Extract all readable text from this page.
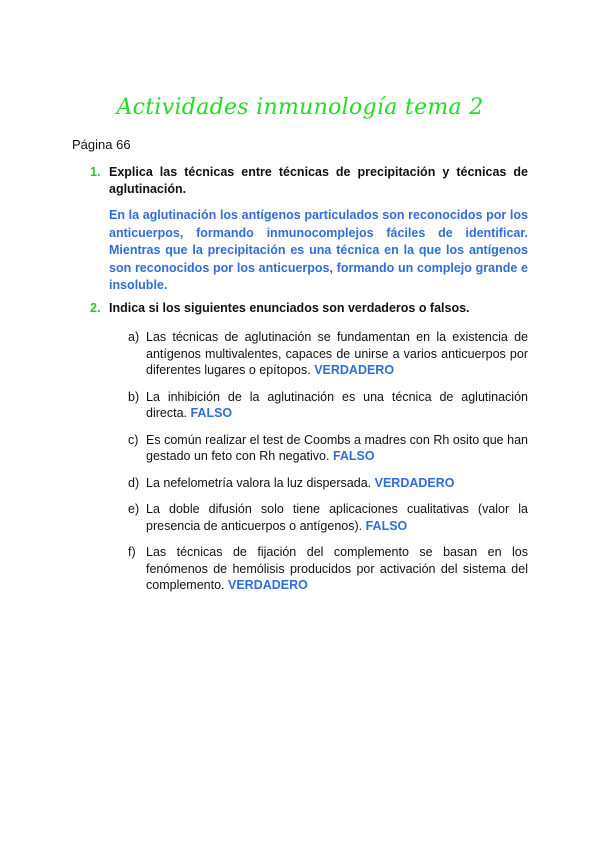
Actividades inmunología tema 2
Página 66
1. Explica las técnicas entre técnicas de precipitación y técnicas de aglutinación.
En la aglutinación los antígenos particulados son reconocidos por los anticuerpos, formando inmunocomplejos fáciles de identificar. Mientras que la precipitación es una técnica en la que los antígenos son reconocidos por los anticuerpos, formando un complejo grande e insoluble.
2. Indica si los siguientes enunciados son verdaderos o falsos.
a) Las técnicas de aglutinación se fundamentan en la existencia de antígenos multivalentes, capaces de unirse a varios anticuerpos por diferentes lugares o epítopos. VERDADERO
b) La inhibición de la aglutinación es una técnica de aglutinación directa. FALSO
c) Es común realizar el test de Coombs a madres con Rh osito que han gestado un feto con Rh negativo. FALSO
d) La nefelometría valora la luz dispersada. VERDADERO
e) La doble difusión solo tiene aplicaciones cualitativas (valor la presencia de anticuerpos o antígenos). FALSO
f) Las técnicas de fijación del complemento se basan en los fenómenos de hemólisis producidos por activación del sistema del complemento. VERDADERO
